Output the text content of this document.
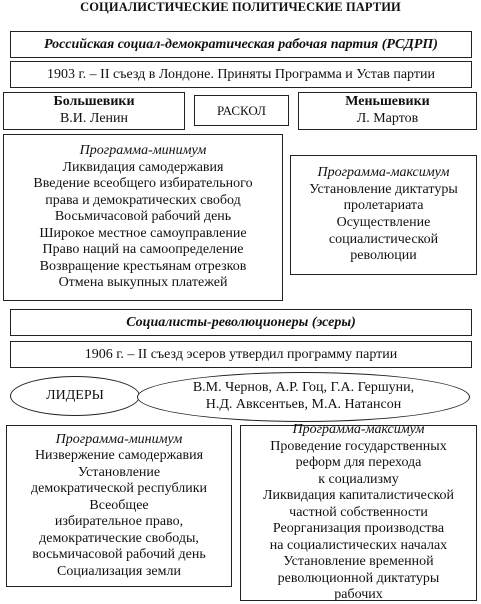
СОЦИАЛИСТИЧЕСКИЕ ПОЛИТИЧЕСКИЕ ПАРТИИ
Российская социал-демократическая рабочая партия (РСДРП)
1903 г. – II съезд в Лондоне. Приняты Программа и Устав партии
Большевики
В.И. Ленин
РАСКОЛ
Меньшевики
Л. Мартов
Программа-минимум
Ликвидация самодержавия
Введение всеобщего избирательного
права и демократических свобод
Восьмичасовой рабочий день
Широкое местное самоуправление
Право наций на самоопределение
Возвращение крестьянам отрезков
Отмена выкупных платежей
Программа-максимум
Установление диктатуры
пролетариата
Осуществление
социалистической
революции
Социалисты-революционеры (эсеры)
1906 г. – II съезд эсеров утвердил программу партии
ЛИДЕРЫ
В.М. Чернов, А.Р. Гоц, Г.А. Гершуни,
Н.Д. Авксентьев, М.А. Натансон
Программа-минимум
Низвержение самодержавия
Установление
демократической республики
Всеобщее
избирательное право,
демократические свободы,
восьмичасовой рабочий день
Социализация земли
Программа-максимум
Проведение государственных
реформ для перехода
к социализму
Ликвидация капиталистической
частной собственности
Реорганизация производства
на социалистических началах
Установление временной
революционной диктатуры
рабочих
